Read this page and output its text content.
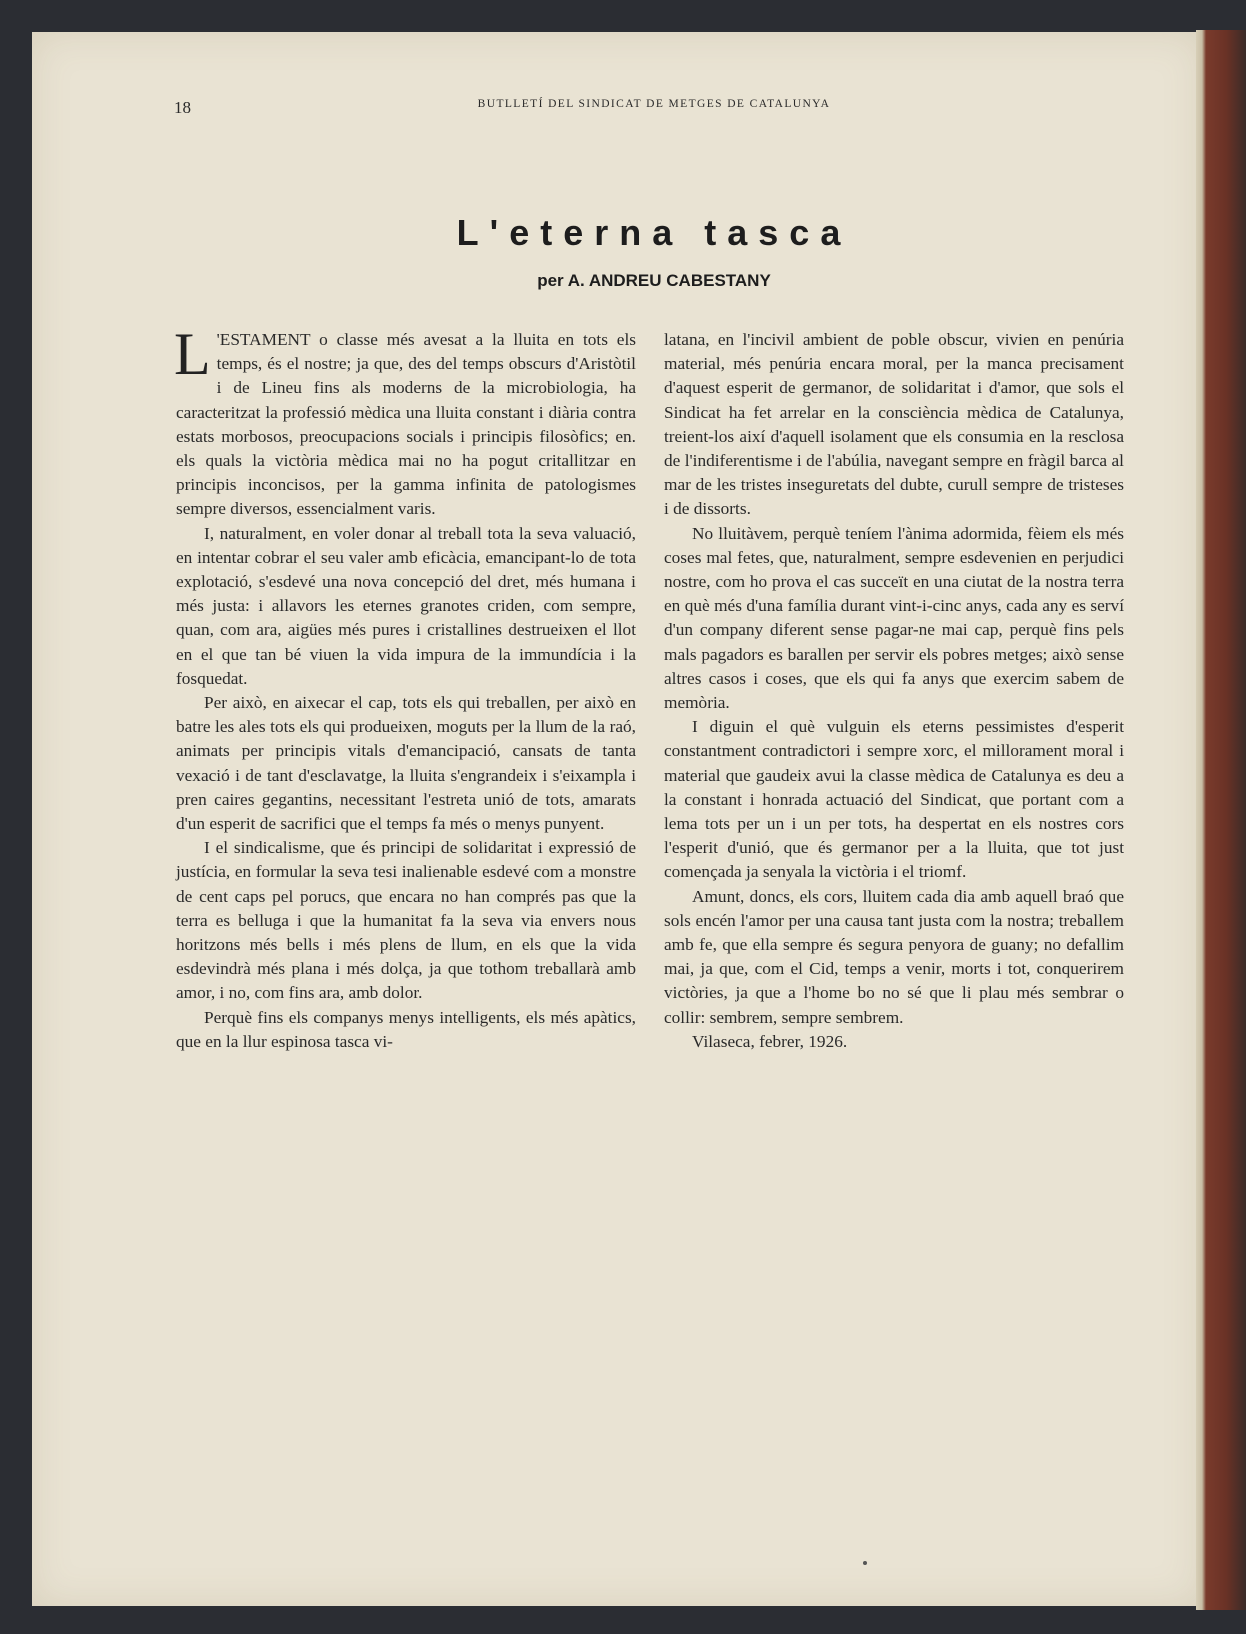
18	BUTLLETÍ DEL SINDICAT DE METGES DE CATALUNYA
L'eterna tasca
per A. ANDREU CABESTANY

L 'ESTAMENT o classe més avesat a la lluita en tots els temps, és el nostre; ja que, des del temps obscurs d'Aristòtil i de Lineu fins als moderns de la microbiologia, ha caracteritzat la professió mèdica una lluita constant i diària contra estats morbosos, preocupacions socials i principis filosòfics; en. els quals la victòria mèdica mai no ha pogut critallitzar en principis inconcisos, per la gamma infinita de patologismes sempre diversos, essencialment varis.

I, naturalment, en voler donar al treball tota la seva valuació, en intentar cobrar el seu valer amb eficàcia, emancipant-lo de tota explotació, s'esdevé una nova concepció del dret, més humana i més justa: i allavors les eternes granotes criden, com sempre, quan, com ara, aigües més pures i cristallines destrueixen el llot en el que tan bé viuen la vida impura de la immundícia i la fosquedat.

Per això, en aixecar el cap, tots els qui treballen, per això en batre les ales tots els qui produeixen, moguts per la llum de la raó, animats per principis vitals d'emancipació, cansats de tanta vexació i de tant d'esclavatge, la lluita s'engrandeix i s'eixampla i pren caires gegantins, necessitant l'estreta unió de tots, amarats d'un esperit de sacrifici que el temps fa més o menys punyent.

I el sindicalisme, que és principi de solidaritat i expressió de justícia, en formular la seva tesi inalienable esdevé com a monstre de cent caps pel porucs, que encara no han comprés pas que la terra es belluga i que la humanitat fa la seva via envers nous horitzons més bells i més plens de llum, en els que la vida esdevindrà més plana i més dolça, ja que tothom treballarà amb amor, i no, com fins ara, amb dolor.

Perquè fins els companys menys intelligents, els més apàtics, que en la llur espinosa tasca vi-

latana, en l'incivil ambient de poble obscur, vivien en penúria material, més penúria encara moral, per la manca precisament d'aquest esperit de germanor, de solidaritat i d'amor, que sols el Sindicat ha fet arrelar en la consciència mèdica de Catalunya, treient-los així d'aquell isolament que els consumia en la resclosa de l'indiferentisme i de l'abúlia, navegant sempre en fràgil barca al mar de les tristes inseguretats del dubte, curull sempre de tristeses i de dissorts.

No lluitàvem, perquè teníem l'ànima adormida, fèiem els més coses mal fetes, que, naturalment, sempre esdevenien en perjudici nostre, com ho prova el cas succeït en una ciutat de la nostra terra en què més d'una família durant vint-i-cinc anys, cada any es serví d'un company diferent sense pagar-ne mai cap, perquè fins pels mals pagadors es barallen per servir els pobres metges; això sense altres casos i coses, que els qui fa anys que exercim sabem de memòria.

I diguin el què vulguin els eterns pessimistes d'esperit constantment contradictori i sempre xorc, el millorament moral i material que gaudeix avui la classe mèdica de Catalunya es deu a la constant i honrada actuació del Sindicat, que portant com a lema tots per un i un per tots, ha despertat en els nostres cors l'esperit d'unió, que és germanor per a la lluita, que tot just començada ja senyala la victòria i el triomf.

Amunt, doncs, els cors, lluitem cada dia amb aquell braó que sols encén l'amor per una causa tant justa com la nostra; treballem amb fe, que ella sempre és segura penyora de guany; no defallim mai, ja que, com el Cid, temps a venir, morts i tot, conquerirem victòries, ja que a l'home bo no sé que li plau més sembrar o collir: sembrem, sempre sembrem.

Vilaseca, febrer, 1926.
